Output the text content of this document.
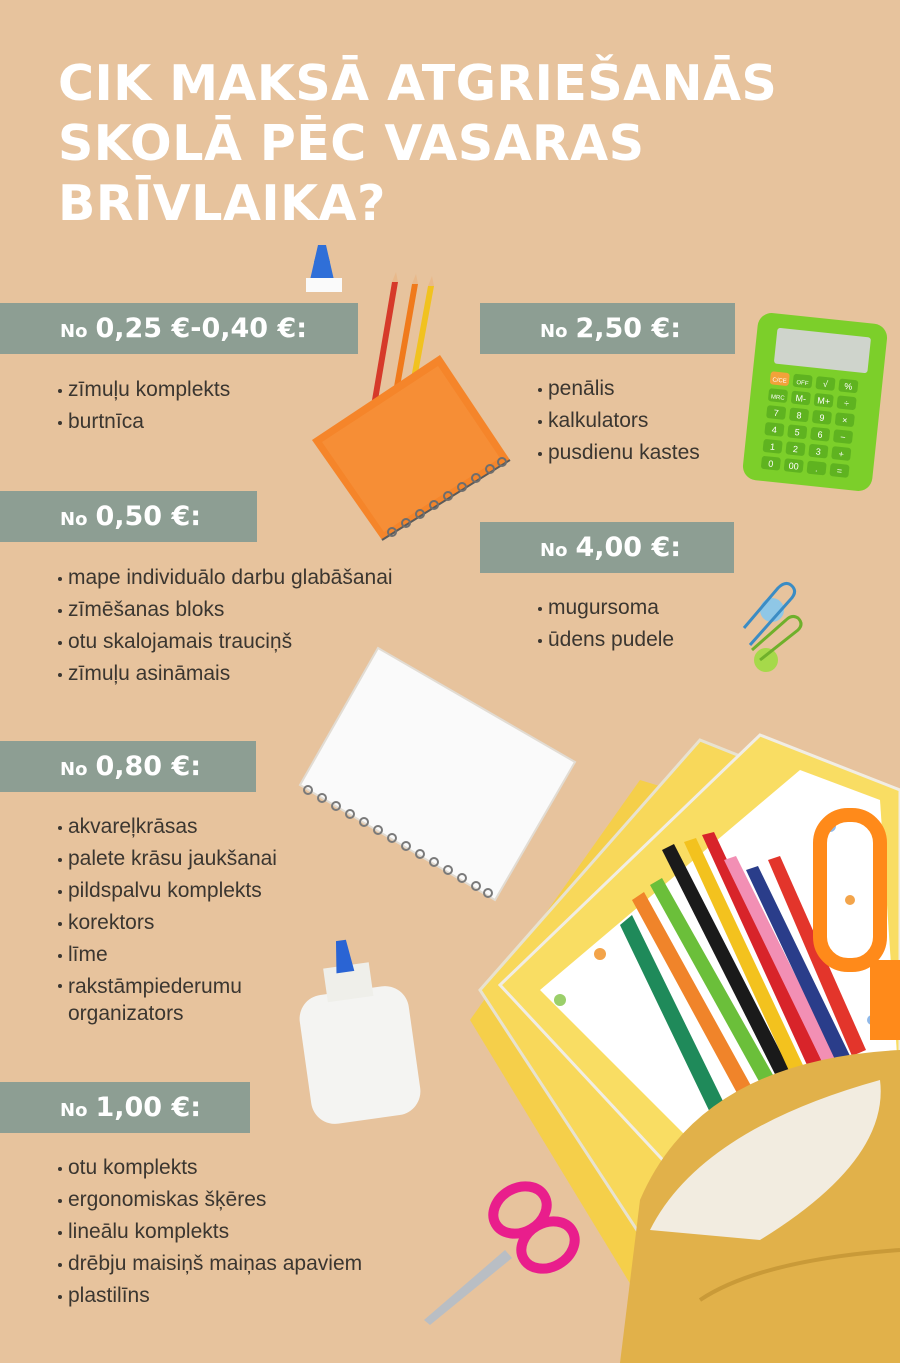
C/CE OFF √ %
MRC M- M+ ÷
7 8 9 ×
4 5 6 −
1 2 3 +
0 00 . =
CIK MAKSĀ ATGRIEŠANĀS
SKOLĀ PĒC VASARAS
BRĪVLAIKA?
No 0,25 €-0,40 €:
zīmuļu komplekts
burtnīca
No 2,50 €:
penālis
kalkulators
pusdienu kastes
No 0,50 €:
mape individuālo darbu glabāšanai
zīmēšanas bloks
otu skalojamais trauciņš
zīmuļu asināmais
No 4,00 €:
mugursoma
ūdens pudele
No 0,80 €:
akvareļkrāsas
palete krāsu jaukšanai
pildspalvu komplekts
korektors
līme
rakstāmpiederumu organizators
No 1,00 €:
otu komplekts
ergonomiskas šķēres
lineālu komplekts
drēbju maisiņš maiņas apaviem
plastilīns
